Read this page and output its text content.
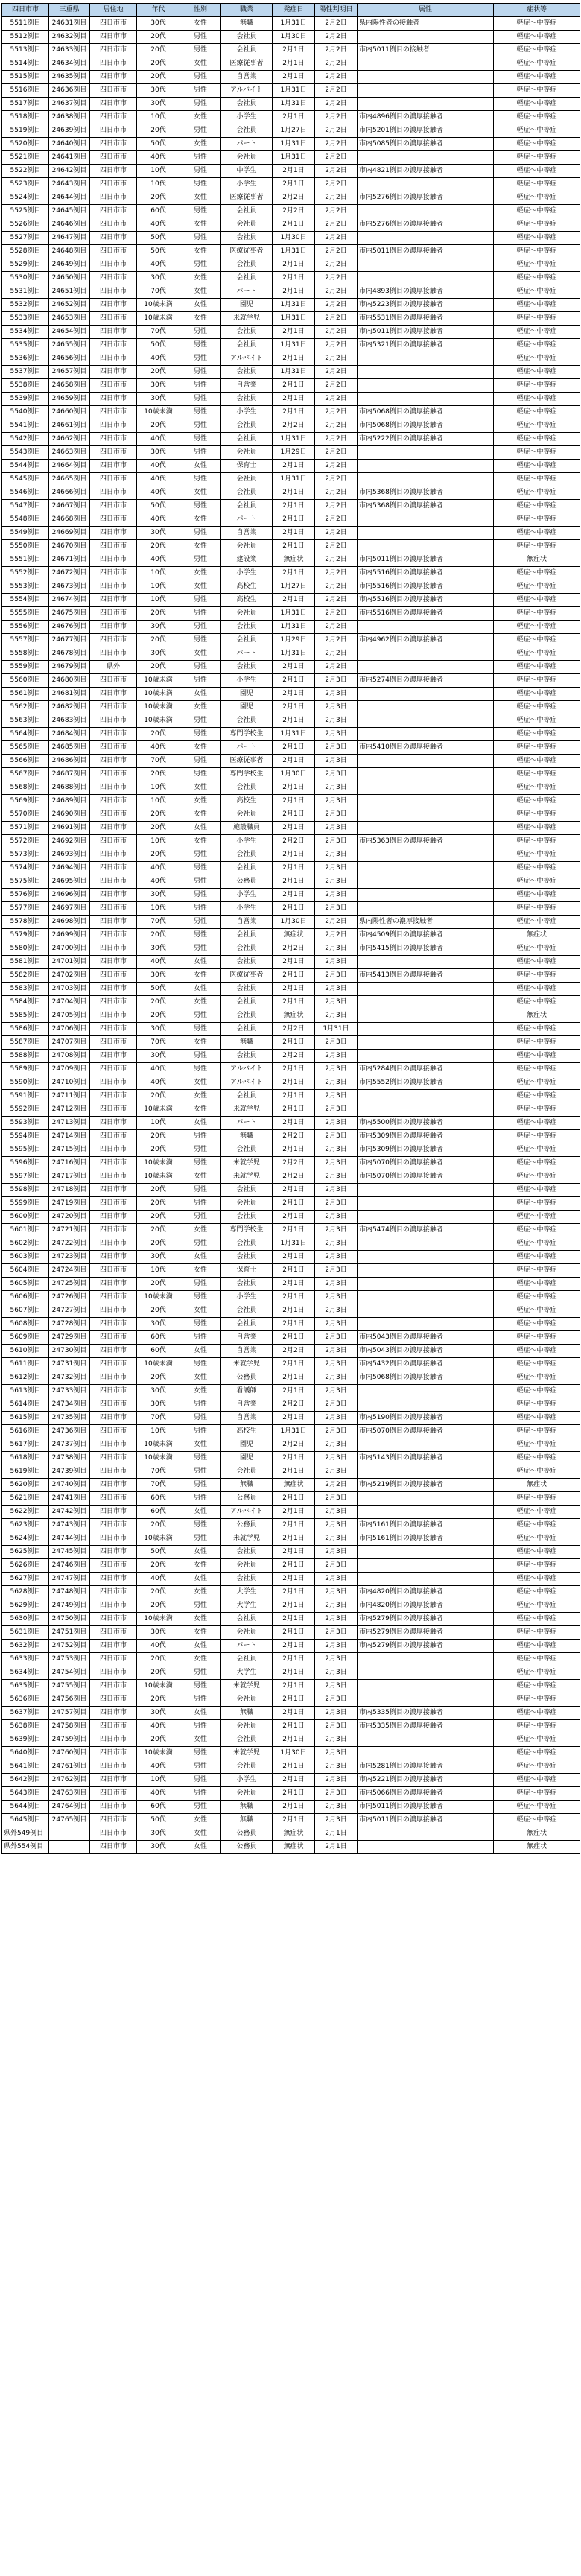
四日市市	三重県	居住地	年代	性別	職業	発症日	陽性判明日	属性	症状等
5511例目	24631例目	四日市市	30代	女性	無職	1月31日	2月2日	県内陽性者の接触者	軽症～中等症
5512例目	24632例目	四日市市	20代	男性	会社員	1月30日	2月2日		軽症～中等症
5513例目	24633例目	四日市市	20代	男性	会社員	2月1日	2月2日	市内5011例目の接触者	軽症～中等症
5514例目	24634例目	四日市市	20代	女性	医療従事者	2月1日	2月2日		軽症～中等症
5515例目	24635例目	四日市市	20代	男性	自営業	2月1日	2月2日		軽症～中等症
5516例目	24636例目	四日市市	30代	男性	アルバイト	1月31日	2月2日		軽症～中等症
5517例目	24637例目	四日市市	30代	男性	会社員	1月31日	2月2日		軽症～中等症
5518例目	24638例目	四日市市	10代	女性	小学生	2月1日	2月2日	市内4896例目の濃厚接触者	軽症～中等症
5519例目	24639例目	四日市市	20代	男性	会社員	1月27日	2月2日	市内5201例目の濃厚接触者	軽症～中等症
5520例目	24640例目	四日市市	50代	女性	パート	1月31日	2月2日	市内5085例目の濃厚接触者	軽症～中等症
5521例目	24641例目	四日市市	40代	男性	会社員	1月31日	2月2日		軽症～中等症
5522例目	24642例目	四日市市	10代	男性	中学生	2月1日	2月2日	市内4821例目の濃厚接触者	軽症～中等症
5523例目	24643例目	四日市市	10代	男性	小学生	2月1日	2月2日		軽症～中等症
5524例目	24644例目	四日市市	20代	女性	医療従事者	2月2日	2月2日	市内5276例目の濃厚接触者	軽症～中等症
5525例目	24645例目	四日市市	60代	男性	会社員	2月2日	2月2日		軽症～中等症
5526例目	24646例目	四日市市	40代	女性	会社員	2月1日	2月2日	市内5276例目の濃厚接触者	軽症～中等症
5527例目	24647例目	四日市市	50代	男性	会社員	1月30日	2月2日		軽症～中等症
5528例目	24648例目	四日市市	50代	女性	医療従事者	1月31日	2月2日	市内5011例目の濃厚接触者	軽症～中等症
5529例目	24649例目	四日市市	40代	男性	会社員	2月1日	2月2日		軽症～中等症
5530例目	24650例目	四日市市	30代	女性	会社員	2月1日	2月2日		軽症～中等症
5531例目	24651例目	四日市市	70代	女性	パート	2月1日	2月2日	市内4893例目の濃厚接触者	軽症～中等症
5532例目	24652例目	四日市市	10歳未満	女性	園児	1月31日	2月2日	市内5223例目の濃厚接触者	軽症～中等症
5533例目	24653例目	四日市市	10歳未満	女性	未就学児	1月31日	2月2日	市内5531例目の濃厚接触者	軽症～中等症
5534例目	24654例目	四日市市	70代	男性	会社員	2月1日	2月2日	市内5011例目の濃厚接触者	軽症～中等症
5535例目	24655例目	四日市市	50代	男性	会社員	1月31日	2月2日	市内5321例目の濃厚接触者	軽症～中等症
5536例目	24656例目	四日市市	40代	男性	アルバイト	2月1日	2月2日		軽症～中等症
5537例目	24657例目	四日市市	20代	男性	会社員	1月31日	2月2日		軽症～中等症
5538例目	24658例目	四日市市	30代	男性	自営業	2月1日	2月2日		軽症～中等症
5539例目	24659例目	四日市市	30代	男性	会社員	2月1日	2月2日		軽症～中等症
5540例目	24660例目	四日市市	10歳未満	男性	小学生	2月1日	2月2日	市内5068例目の濃厚接触者	軽症～中等症
5541例目	24661例目	四日市市	20代	男性	会社員	2月2日	2月2日	市内5068例目の濃厚接触者	軽症～中等症
5542例目	24662例目	四日市市	40代	男性	会社員	1月31日	2月2日	市内5222例目の濃厚接触者	軽症～中等症
5543例目	24663例目	四日市市	30代	男性	会社員	1月29日	2月2日		軽症～中等症
5544例目	24664例目	四日市市	40代	女性	保育士	2月1日	2月2日		軽症～中等症
5545例目	24665例目	四日市市	40代	男性	会社員	1月31日	2月2日		軽症～中等症
5546例目	24666例目	四日市市	40代	女性	会社員	2月1日	2月2日	市内5368例目の濃厚接触者	軽症～中等症
5547例目	24667例目	四日市市	50代	男性	会社員	2月1日	2月2日	市内5368例目の濃厚接触者	軽症～中等症
5548例目	24668例目	四日市市	40代	女性	パート	2月1日	2月2日		軽症～中等症
5549例目	24669例目	四日市市	30代	男性	自営業	2月1日	2月2日		軽症～中等症
5550例目	24670例目	四日市市	20代	女性	会社員	2月1日	2月2日		軽症～中等症
5551例目	24671例目	四日市市	40代	男性	建設業	無症状	2月2日	市内5011例目の濃厚接触者	無症状
5552例目	24672例目	四日市市	10代	女性	小学生	2月1日	2月2日	市内5516例目の濃厚接触者	軽症～中等症
5553例目	24673例目	四日市市	10代	女性	高校生	1月27日	2月2日	市内5516例目の濃厚接触者	軽症～中等症
5554例目	24674例目	四日市市	10代	男性	高校生	2月1日	2月2日	市内5516例目の濃厚接触者	軽症～中等症
5555例目	24675例目	四日市市	20代	男性	会社員	1月31日	2月2日	市内5516例目の濃厚接触者	軽症～中等症
5556例目	24676例目	四日市市	30代	男性	会社員	1月31日	2月2日		軽症～中等症
5557例目	24677例目	四日市市	20代	男性	会社員	1月29日	2月2日	市内4962例目の濃厚接触者	軽症～中等症
5558例目	24678例目	四日市市	30代	女性	パート	1月31日	2月2日		軽症～中等症
5559例目	24679例目	県外	20代	男性	会社員	2月1日	2月2日		軽症～中等症
5560例目	24680例目	四日市市	10歳未満	男性	小学生	2月1日	2月3日	市内5274例目の濃厚接触者	軽症～中等症
5561例目	24681例目	四日市市	10歳未満	女性	園児	2月1日	2月3日		軽症～中等症
5562例目	24682例目	四日市市	10歳未満	女性	園児	2月1日	2月3日		軽症～中等症
5563例目	24683例目	四日市市	10歳未満	男性	会社員	2月1日	2月3日		軽症～中等症
5564例目	24684例目	四日市市	20代	男性	専門学校生	1月31日	2月3日		軽症～中等症
5565例目	24685例目	四日市市	40代	女性	パート	2月1日	2月3日	市内5410例目の濃厚接触者	軽症～中等症
5566例目	24686例目	四日市市	70代	男性	医療従事者	2月1日	2月3日		軽症～中等症
5567例目	24687例目	四日市市	20代	男性	専門学校生	1月30日	2月3日		軽症～中等症
5568例目	24688例目	四日市市	10代	女性	会社員	2月1日	2月3日		軽症～中等症
5569例目	24689例目	四日市市	10代	女性	高校生	2月1日	2月3日		軽症～中等症
5570例目	24690例目	四日市市	20代	女性	会社員	2月1日	2月3日		軽症～中等症
5571例目	24691例目	四日市市	20代	女性	施設職員	2月1日	2月3日		軽症～中等症
5572例目	24692例目	四日市市	10代	女性	小学生	2月2日	2月3日	市内5363例目の濃厚接触者	軽症～中等症
5573例目	24693例目	四日市市	20代	男性	会社員	2月1日	2月3日		軽症～中等症
5574例目	24694例目	四日市市	40代	男性	会社員	2月1日	2月3日		軽症～中等症
5575例目	24695例目	四日市市	40代	男性	公務員	2月1日	2月3日		軽症～中等症
5576例目	24696例目	四日市市	30代	男性	小学生	2月1日	2月3日		軽症～中等症
5577例目	24697例目	四日市市	10代	男性	小学生	2月1日	2月3日		軽症～中等症
5578例目	24698例目	四日市市	70代	男性	自営業	1月30日	2月2日	県内陽性者の濃厚接触者	軽症～中等症
5579例目	24699例目	四日市市	20代	男性	会社員	無症状	2月2日	市内4509例目の濃厚接触者	無症状
5580例目	24700例目	四日市市	30代	男性	会社員	2月2日	2月3日	市内5415例目の濃厚接触者	軽症～中等症
5581例目	24701例目	四日市市	40代	女性	会社員	2月1日	2月3日		軽症～中等症
5582例目	24702例目	四日市市	30代	女性	医療従事者	2月1日	2月3日	市内5413例目の濃厚接触者	軽症～中等症
5583例目	24703例目	四日市市	50代	女性	会社員	2月1日	2月3日		軽症～中等症
5584例目	24704例目	四日市市	20代	女性	会社員	2月1日	2月3日		軽症～中等症
5585例目	24705例目	四日市市	20代	男性	会社員	無症状	2月3日		無症状
5586例目	24706例目	四日市市	30代	男性	会社員	2月2日	1月31日		軽症～中等症
5587例目	24707例目	四日市市	70代	女性	無職	2月1日	2月3日		軽症～中等症
5588例目	24708例目	四日市市	30代	男性	会社員	2月2日	2月3日		軽症～中等症
5589例目	24709例目	四日市市	40代	男性	アルバイト	2月1日	2月3日	市内5284例目の濃厚接触者	軽症～中等症
5590例目	24710例目	四日市市	40代	女性	アルバイト	2月1日	2月3日	市内5552例目の濃厚接触者	軽症～中等症
5591例目	24711例目	四日市市	20代	女性	会社員	2月1日	2月3日		軽症～中等症
5592例目	24712例目	四日市市	10歳未満	女性	未就学児	2月1日	2月3日		軽症～中等症
5593例目	24713例目	四日市市	10代	女性	パート	2月1日	2月3日	市内5500例目の濃厚接触者	軽症～中等症
5594例目	24714例目	四日市市	20代	男性	無職	2月2日	2月3日	市内5309例目の濃厚接触者	軽症～中等症
5595例目	24715例目	四日市市	20代	男性	会社員	2月1日	2月3日	市内5309例目の濃厚接触者	軽症～中等症
5596例目	24716例目	四日市市	10歳未満	男性	未就学児	2月2日	2月3日	市内5070例目の濃厚接触者	軽症～中等症
5597例目	24717例目	四日市市	10歳未満	女性	未就学児	2月2日	2月3日	市内5070例目の濃厚接触者	軽症～中等症
5598例目	24718例目	四日市市	20代	男性	会社員	2月1日	2月3日		軽症～中等症
5599例目	24719例目	四日市市	20代	男性	会社員	2月1日	2月3日		軽症～中等症
5600例目	24720例目	四日市市	20代	男性	会社員	2月1日	2月3日		軽症～中等症
5601例目	24721例目	四日市市	20代	女性	専門学校生	2月1日	2月3日	市内5474例目の濃厚接触者	軽症～中等症
5602例目	24722例目	四日市市	20代	男性	会社員	1月31日	2月3日		軽症～中等症
5603例目	24723例目	四日市市	30代	女性	会社員	2月1日	2月3日		軽症～中等症
5604例目	24724例目	四日市市	10代	女性	保育士	2月1日	2月3日		軽症～中等症
5605例目	24725例目	四日市市	20代	男性	会社員	2月1日	2月3日		軽症～中等症
5606例目	24726例目	四日市市	10歳未満	男性	小学生	2月1日	2月3日		軽症～中等症
5607例目	24727例目	四日市市	20代	女性	会社員	2月1日	2月3日		軽症～中等症
5608例目	24728例目	四日市市	30代	男性	会社員	2月1日	2月3日		軽症～中等症
5609例目	24729例目	四日市市	60代	男性	自営業	2月1日	2月3日	市内5043例目の濃厚接触者	軽症～中等症
5610例目	24730例目	四日市市	60代	女性	自営業	2月2日	2月3日	市内5043例目の濃厚接触者	軽症～中等症
5611例目	24731例目	四日市市	10歳未満	男性	未就学児	2月1日	2月3日	市内5432例目の濃厚接触者	軽症～中等症
5612例目	24732例目	四日市市	20代	女性	公務員	2月1日	2月3日	市内5068例目の濃厚接触者	軽症～中等症
5613例目	24733例目	四日市市	30代	女性	看護師	2月1日	2月3日		軽症～中等症
5614例目	24734例目	四日市市	30代	男性	自営業	2月2日	2月3日		軽症～中等症
5615例目	24735例目	四日市市	70代	男性	自営業	2月1日	2月3日	市内5190例目の濃厚接触者	軽症～中等症
5616例目	24736例目	四日市市	10代	男性	高校生	1月31日	2月3日	市内5070例目の濃厚接触者	軽症～中等症
5617例目	24737例目	四日市市	10歳未満	女性	園児	2月2日	2月3日		軽症～中等症
5618例目	24738例目	四日市市	10歳未満	男性	園児	2月1日	2月3日	市内5143例目の濃厚接触者	軽症～中等症
5619例目	24739例目	四日市市	70代	男性	会社員	2月1日	2月3日		軽症～中等症
5620例目	24740例目	四日市市	70代	男性	無職	無症状	2月2日	市内5219例目の濃厚接触者	無症状
5621例目	24741例目	四日市市	60代	男性	公務員	2月1日	2月3日		軽症～中等症
5622例目	24742例目	四日市市	60代	女性	アルバイト	2月1日	2月3日		軽症～中等症
5623例目	24743例目	四日市市	20代	男性	公務員	2月1日	2月3日	市内5161例目の濃厚接触者	軽症～中等症
5624例目	24744例目	四日市市	10歳未満	男性	未就学児	2月1日	2月3日	市内5161例目の濃厚接触者	軽症～中等症
5625例目	24745例目	四日市市	50代	女性	会社員	2月1日	2月3日		軽症～中等症
5626例目	24746例目	四日市市	20代	女性	会社員	2月1日	2月3日		軽症～中等症
5627例目	24747例目	四日市市	40代	女性	会社員	2月1日	2月3日		軽症～中等症
5628例目	24748例目	四日市市	20代	女性	大学生	2月1日	2月3日	市内4820例目の濃厚接触者	軽症～中等症
5629例目	24749例目	四日市市	20代	男性	大学生	2月1日	2月3日	市内4820例目の濃厚接触者	軽症～中等症
5630例目	24750例目	四日市市	10歳未満	女性	会社員	2月1日	2月3日	市内5279例目の濃厚接触者	軽症～中等症
5631例目	24751例目	四日市市	30代	女性	会社員	2月1日	2月3日	市内5279例目の濃厚接触者	軽症～中等症
5632例目	24752例目	四日市市	40代	女性	パート	2月1日	2月3日	市内5279例目の濃厚接触者	軽症～中等症
5633例目	24753例目	四日市市	20代	女性	会社員	2月1日	2月3日		軽症～中等症
5634例目	24754例目	四日市市	20代	男性	大学生	2月1日	2月3日		軽症～中等症
5635例目	24755例目	四日市市	10歳未満	男性	未就学児	2月1日	2月3日		軽症～中等症
5636例目	24756例目	四日市市	20代	男性	会社員	2月1日	2月3日		軽症～中等症
5637例目	24757例目	四日市市	30代	女性	無職	2月1日	2月3日	市内5335例目の濃厚接触者	軽症～中等症
5638例目	24758例目	四日市市	40代	男性	会社員	2月1日	2月3日	市内5335例目の濃厚接触者	軽症～中等症
5639例目	24759例目	四日市市	20代	女性	会社員	2月1日	2月3日		軽症～中等症
5640例目	24760例目	四日市市	10歳未満	男性	未就学児	1月30日	2月3日		軽症～中等症
5641例目	24761例目	四日市市	40代	男性	会社員	2月1日	2月3日	市内5281例目の濃厚接触者	軽症～中等症
5642例目	24762例目	四日市市	10代	男性	小学生	2月1日	2月3日	市内5221例目の濃厚接触者	軽症～中等症
5643例目	24763例目	四日市市	40代	男性	会社員	2月1日	2月3日	市内5066例目の濃厚接触者	軽症～中等症
5644例目	24764例目	四日市市	60代	男性	無職	2月1日	2月3日	市内5011例目の濃厚接触者	軽症～中等症
5645例目	24765例目	四日市市	50代	女性	無職	2月1日	2月3日	市内5011例目の濃厚接触者	軽症～中等症
県外549例目		四日市市	30代	女性	公務員	無症状	2月1日		無症状
県外554例目		四日市市	30代	女性	公務員	無症状	2月1日		無症状
